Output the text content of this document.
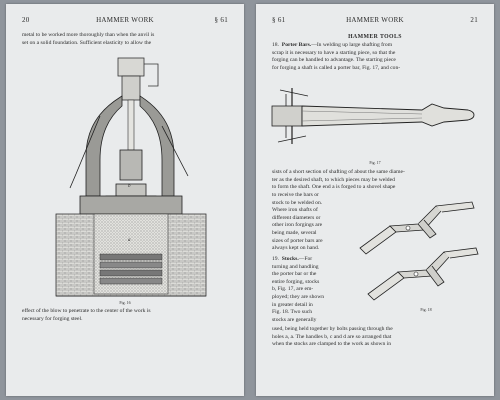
20	HAMMER WORK	§ 61

metal to be worked more thoroughly than when the anvil is

set on a solid foundation. Sufficient elasticity to allow the

a
b
Fig. 16

effect of the blow to penetrate to the center of the work is

necessary for forging steel.

§ 61	HAMMER WORK	21
HAMMER TOOLS

18. Porter Bars.—In welding up large shafting from

scrap it is necessary to have a starting piece, so that the

forging can be handled to advantage. The starting piece

for forging a shaft is called a porter bar, Fig. 17, and con-

Fig. 17

sists of a short section of shafting of about the same diame-

ter as the desired shaft, to which pieces may be welded

to form the shaft. One end a is forged to a shovel shape

to receive the bars or

stock to be welded on.

Where iron shafts of

different diameters or

other iron forgings are

being made, several

sizes of porter bars are

always kept on hand.

19. Stocks.—For

turning and handling

the porter bar or the

entire forging, stocks

b, Fig. 17, are em-

ployed; they are shown

in greater detail in

Fig. 18. Two such

stocks are generally

Fig. 18

used, being held together by bolts passing through the

holes a, a. The handles b, c and d are so arranged that

when the stocks are clamped to the work as shown in
